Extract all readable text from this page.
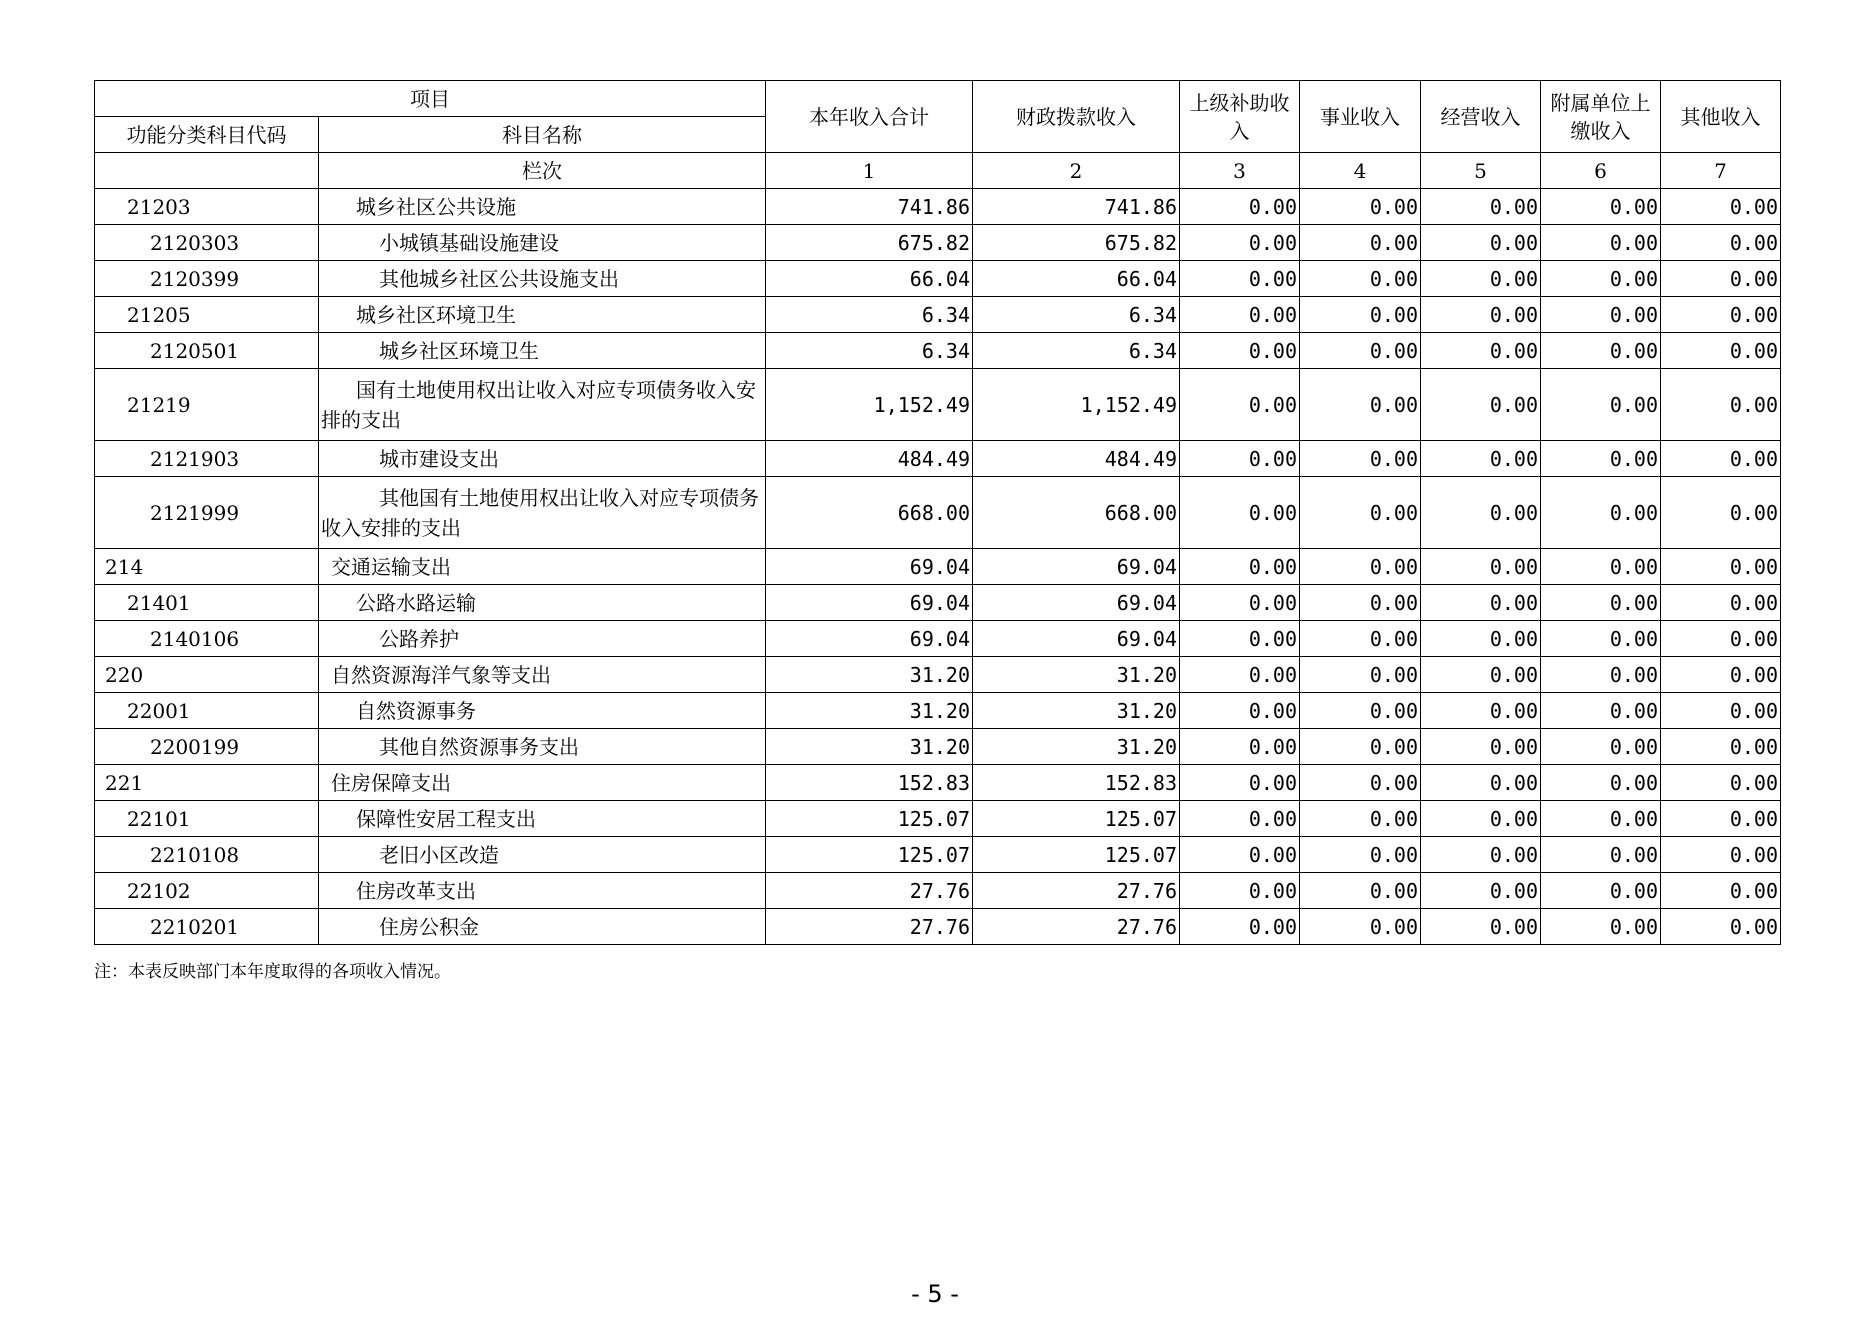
项目		本年收入合计	财政拨款收入	上级补助收入	事业收入	经营收入	附属单位上缴收入	其他收入
功能分类科目代码	科目名称							
	栏次	1	2	3	4	5	6	7
21203	城乡社区公共设施	741.86	741.86	0.00	0.00	0.00	0.00	0.00
2120303	小城镇基础设施建设	675.82	675.82	0.00	0.00	0.00	0.00	0.00
2120399	其他城乡社区公共设施支出	66.04	66.04	0.00	0.00	0.00	0.00	0.00
21205	城乡社区环境卫生	6.34	6.34	0.00	0.00	0.00	0.00	0.00
2120501	城乡社区环境卫生	6.34	6.34	0.00	0.00	0.00	0.00	0.00
21219	国有土地使用权出让收入对应专项债务收入安排的支出	1,152.49	1,152.49	0.00	0.00	0.00	0.00	0.00
2121903	城市建设支出	484.49	484.49	0.00	0.00	0.00	0.00	0.00
2121999	其他国有土地使用权出让收入对应专项债务收入安排的支出	668.00	668.00	0.00	0.00	0.00	0.00	0.00
214	交通运输支出	69.04	69.04	0.00	0.00	0.00	0.00	0.00
21401	公路水路运输	69.04	69.04	0.00	0.00	0.00	0.00	0.00
2140106	公路养护	69.04	69.04	0.00	0.00	0.00	0.00	0.00
220	自然资源海洋气象等支出	31.20	31.20	0.00	0.00	0.00	0.00	0.00
22001	自然资源事务	31.20	31.20	0.00	0.00	0.00	0.00	0.00
2200199	其他自然资源事务支出	31.20	31.20	0.00	0.00	0.00	0.00	0.00
221	住房保障支出	152.83	152.83	0.00	0.00	0.00	0.00	0.00
22101	保障性安居工程支出	125.07	125.07	0.00	0.00	0.00	0.00	0.00
2210108	老旧小区改造	125.07	125.07	0.00	0.00	0.00	0.00	0.00
22102	住房改革支出	27.76	27.76	0.00	0.00	0.00	0.00	0.00
2210201	住房公积金	27.76	27.76	0.00	0.00	0.00	0.00	0.00
注：本表反映部门本年度取得的各项收入情况。
- 5 -
